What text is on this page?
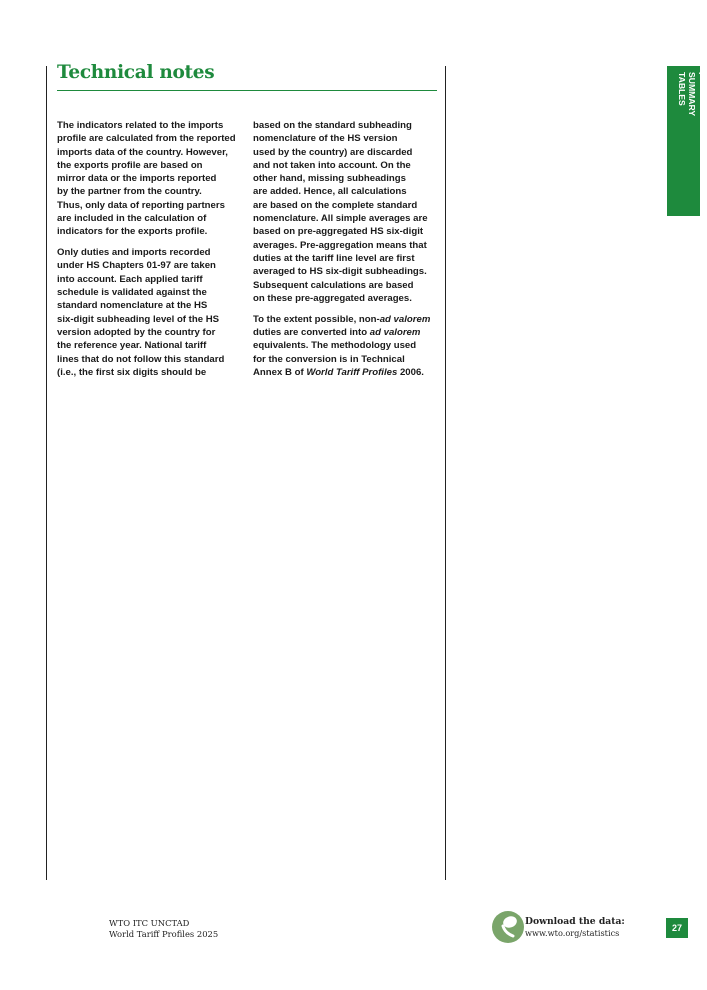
Technical notes

The indicators related to the imports
profile are calculated from the reported
imports data of the country. However,
the exports profile are based on
mirror data or the imports reported
by the partner from the country.
Thus, only data of reporting partners
are included in the calculation of
indicators for the exports profile.

Only duties and imports recorded
under HS Chapters 01-97 are taken
into account. Each applied tariff
schedule is validated against the
standard nomenclature at the HS
six-digit subheading level of the HS
version adopted by the country for
the reference year. National tariff
lines that do not follow this standard
(i.e., the first six digits should be

based on the standard subheading
nomenclature of the HS version
used by the country) are discarded
and not taken into account. On the
other hand, missing subheadings
are added. Hence, all calculations
are based on the complete standard
nomenclature. All simple averages are
based on pre-aggregated HS six-digit
averages. Pre-aggregation means that
duties at the tariff line level are first
averaged to HS six-digit subheadings.
Subsequent calculations are based
on these pre-aggregated averages.

To the extent possible, non-ad valorem
duties are converted into ad valorem
equivalents. The methodology used
for the conversion is in Technical
Annex B of World Tariff Profiles 2006.

I
SUMMARY
TABLES
WTO ITC UNCTAD
World Tariff Profiles 2025
Download the data:
www.wto.org/statistics	27
